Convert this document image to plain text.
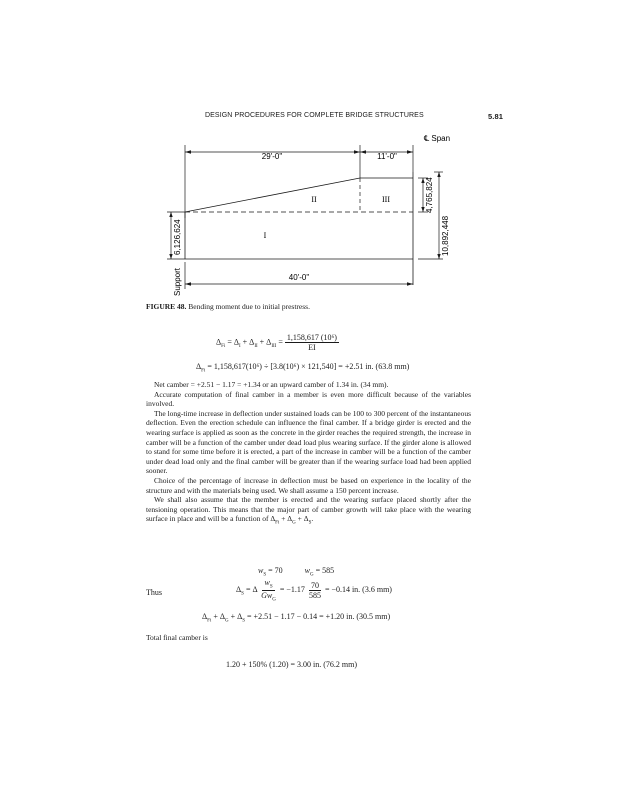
DESIGN PROCEDURES FOR COMPLETE BRIDGE STRUCTURES	5.81
℄ Span
29'-0"	11'-0"
II	III
I
4,765,824
10,892,448
6,126,624
Support	40'-0"
FIGURE 48. Bending moment due to initial prestress.
$\Delta_{Fi} = \Delta_I + \Delta_{II} + \Delta_{III} = \frac{\text{1,158,617 (10⁶)}}{EI}$
$\Delta_{Fi} = 1,158,617(10^6) \div [3.8(10^6) \times 121,540] = +2.51$ in. (63.8 mm)

Net camber = +2.51 − 1.17 = +1.34 or an upward camber of 1.34 in. (34 mm).

Accurate computation of final camber in a member is even more difficult because of the variables involved.

The long-time increase in deflection under sustained loads can be 100 to 300 percent of the instantaneous deflection. Even the erection schedule can influence the final camber. If a bridge girder is erected and the wearing surface is applied as soon as the concrete in the girder reaches the required strength, the increase in camber will be a function of the camber under dead load plus wearing surface. If the girder alone is allowed to stand for some time before it is erected, a part of the increase in camber will be a function of the camber under dead load only and the final camber will be greater than if the wearing surface load had been applied sooner.

Choice of the percentage of increase in deflection must be based on experience in the locality of the structure and with the materials being used. We shall assume a 150 percent increase.

We shall also assume that the member is erected and the wearing surface placed shortly after the tensioning operation. This means that the major part of camber growth will take place with the wearing surface in place and will be a function of $\Delta_{Fi} + \Delta_G + \Delta_S$.

$w_S = 70$	$w_G = 585$
Thus	$\Delta_S = \Delta \frac{w_S}{Gw_G} = -1.17 \frac{70}{585} = -0.14$ in. (3.6 mm)
$\Delta_{Fi} + \Delta_G + \Delta_S = +2.51 - 1.17 - 0.14 = +1.20$ in. (30.5 mm)
Total final camber is
1.20 + 150% (1.20) = 3.00 in. (76.2 mm)
